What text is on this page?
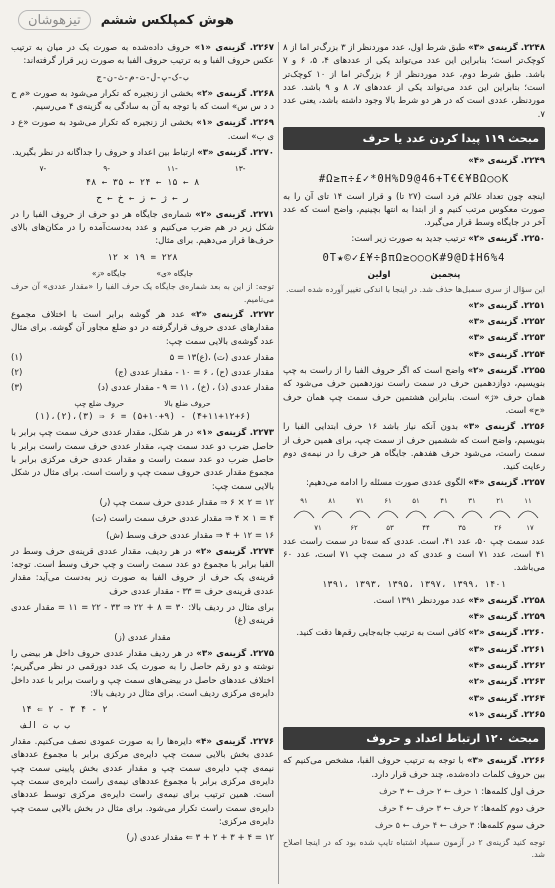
هوش کمپلکس ششم
تیزهوشان

۲۲۴۸. گزینه‌ی «۳» طبق شرط اول، عدد موردنظر از ۳ بزرگ‌تر اما از ۸ کوچک‌تر است؛ بنابراین این عدد می‌تواند یکی از عددهای ۴، ۵، ۶ و ۷ باشد. طبق شرط دوم، عدد موردنظر از ۶ بزرگ‌تر اما از ۱۰ کوچک‌تر است؛ بنابراین این عدد می‌تواند یکی از عددهای ۷، ۸ و ۹ باشد. عدد موردنظر، عددی است که در هر دو شرط بالا وجود داشته باشد، یعنی عدد ۷.

مبحث ۱۱۹ پیدا کردن عدد یا حرف

۲۲۴۹. گزینه‌ی «۴»

#Ω≥π÷£✓*0H%D9@46+T€€¥BΩ○○K

اینجه چون تعداد علائم فرد است (۲۷ تا) و قرار است ۱۴ تای آن را به صورت معکوس مرتب کنیم و از ابتدا به انتها بچینیم، واضح است که عدد آخر در جایگاه وسط قرار می‌گیرد.

۲۲۵۰. گزینه‌ی «۲» ترتیب جدید به صورت زیر است:

0T★©✓£¥÷βπΩ≥○○○K#9@D‡H6%4
پنجمین
اولین

این سؤال از سری سمبل‌ها حذف شد. در اینجا با اندکی تغییر آورده شده است.

۲۲۵۱. گزینه‌ی «۲»

۲۲۵۲. گزینه‌ی «۳»

۲۲۵۳. گزینه‌ی «۳»

۲۲۵۴. گزینه‌ی «۴»

۲۲۵۵. گزینه‌ی «۲» واضح است که اگر حروف الفبا را از راست به چپ بنویسیم، دوازدهمین حرف در سمت راست نوزدهمین حرف می‌شود که همان حرف «ژ» است. بنابراین هشتمین حرف سمت چپ همان حرف «ح» است.

۲۲۵۶. گزینه‌ی «۳» بدون آنکه نیاز باشد ۱۶ حرف ابتدایی الفبا را بنویسیم، واضح است که ششمین حرف از سمت چپ، برای همین حرف از سمت راست، می‌شود حرف هفدهم. جایگاه هر حرف را در نیمه‌ی دوم رعایت کنید.

۲۲۵۷. گزینه‌ی «۴» الگوی عددی صورت مسئله را ادامه می‌دهیم:

۹۱	۸۱	۷۱	۶۱	۵۱	۴۱	۳۱	۲۱	۱۱
۷۱	۶۲	۵۳	۴۴	۳۵	۲۶	۱۷

عدد سمت چپ ۵۰، عدد ۴۱، است. عددی که سه‌تا در سمت راست عدد ۴۱ است، عدد ۷۱ است و عددی که در سمت چپ ۷۱ است، عدد ۶۰ می‌باشد.

۱۳۹۱، ۱۳۹۳، ۱۳۹۵، ۱۳۹۷، ۱۳۹۹، ۱۴۰۱

۲۲۵۸. گزینه‌ی «۴» عدد موردنظر ۱۳۹۱ است.

۲۲۵۹. گزینه‌ی «۴»

۲۲۶۰. گزینه‌ی «۲» کافی است به ترتیب جابه‌جایی رقم‌ها دقت کنید.

۲۲۶۱. گزینه‌ی «۳»

۲۲۶۲. گزینه‌ی «۴»

۲۲۶۳. گزینه‌ی «۲»

۲۲۶۴. گزینه‌ی «۳»

۲۲۶۵. گزینه‌ی «۱»

مبحث ۱۲۰ ارتباط اعداد و حروف

۲۲۶۶. گزینه‌ی «۳» با توجه به ترتیب حروف الفبا، مشخص می‌کنیم که بین حروف کلمات داده‌شده، چند حرف قرار دارد.

حرف اول کلمه‌ها: ۱ حرف ← ۲ حرف ← ۳ حرف

حرف دوم کلمه‌ها: ۲ حرف ← ۳ حرف ← ۴ حرف

حرف سوم کلمه‌ها: ۳ حرف ← ۴ حرف ← ۵ حرف

توجه کنید گزینه‌ی ۲ در آزمون سمپاد اشتباه تایپ شده بود که در اینجا اصلاح شد.

۲۲۶۷. گزینه‌ی «۱» حروف داده‌شده به صورت یک در میان به ترتیب عکس حروف الفبا و به ترتیب حروف الفبا به صورت زیر قرار گرفته‌اند:

ب-ک-پ-ل-ت-م-ث-ن-ج

۲۲۶۸. گزینه‌ی «۲» بخشی از زنجیره که تکرار می‌شود به صورت «م ح د د س س» است که با توجه به آن به سادگی به گزینه‌ی ۴ می‌رسیم.

۲۲۶۹. گزینه‌ی «۱» بخشی از زنجیره که تکرار می‌شود به صورت «ع د ی ب» است.

۲۲۷۰. گزینه‌ی «۳» ارتباط بین اعداد و حروف را جداگانه در نظر بگیرید.

-۱۳
-۱۱
-۹
-۷
۴۸ ← ۳۵ ← ۲۴ ← ۱۵ ← ۸
ر ← ژ ← ز ← خ ← ح

۲۲۷۱. گزینه‌ی «۲» شماره‌ی جایگاه هر دو حرف از حروف الفبا را در شکل زیر در هم ضرب می‌کنیم و عدد به‌دست‌آمده را در مکان‌های بالای حرف‌ها قرار می‌دهیم. برای مثال:

۱۲ × ۱۹ = ۲۲۸
جایگاه «ی»
جایگاه «ز»

توجه: از این به بعد شماره‌ی جایگاه یک حرف الفبا را «مقدار عددی» آن حرف می‌نامیم.

۲۲۷۲. گزینه‌ی «۲» عدد هر گوشه برابر است با اختلاف مجموع مقدارهای عددی حروف قرارگرفته در دو ضلع مجاور آن گوشه. برای مثال عدد گوشه‌ی بالایی سمت چپ:

مقدار عددی (ت) ،(ع)۱۳ = ۵
(۱)
مقدار عددی (ح) ، ۶ = ۱۰ - مقدار عددی (ج)
(۲)
مقدار عددی (ذ) ، (خ) ، ۱۱ = ۹ - مقدار عددی (د)
(۳)
حروف ضلع بالا
حروف ضلع چپ
(۱)،(۲)،(۳) ⇒ ۶ = (۵+۱۰+۹) - (۴+۱۱+۱۲+۶)

۲۲۷۳. گزینه‌ی «۱» در هر شکل، مقدار عددی حرف سمت چپ برابر با حاصل ضرب دو عدد سمت چپ، مقدار عددی حرف سمت راست برابر با حاصل ضرب دو عدد سمت راست و مقدار عددی حرف مرکزی برابر با مجموع مقدار عددی حروف سمت چپ و راست است. برای مثال در شکل بالایی سمت چپ:

۱۲ = ۲ × ۶ ⇒ مقدار عددی حرف سمت چپ (ر)

۴ = ۱ × ۴ ⇒ مقدار عددی حرف سمت راست (ت)

۱۶ = ۱۲ + ۴ ⇒ مقدار عددی حرف وسط (ش)

۲۲۷۴. گزینه‌ی «۲» در هر ردیف، مقدار عددی قرینه‌ی حرف وسط در الفبا برابر با مجموع دو عدد سمت راست و چپ حرف وسط است. توجه: قرینه‌ی یک حرف از حروف الفبا به صورت زیر به‌دست می‌آید: مقدار عددی قرینه‌ی حرف = ۳۳ - مقدار عددی حرف

برای مثال در ردیف بالا: ۳۰ = ۸ + ۲۲ ⇒ ۳۳ - ۲۲ = ۱۱ = مقدار عددی قرینه‌ی (غ)

مقدار عددی (ز)

۲۲۷۵. گزینه‌ی «۳» در هر ردیف مقدار عددی حروف داخل هر بیضی را نوشته و دو رقم حاصل را به صورت یک عدد دورقمی در نظر می‌گیریم؛ اختلاف عددهای حاصل در بیضی‌های سمت چپ و راست برابر با عدد داخل دایره‌ی مرکزی ردیف است. برای مثال در ردیف بالا:

۱۴ ⇐ ۲ - ۳ ۴ - ۲
ب ب ت الف

۲۲۷۶. گزینه‌ی «۴» دایره‌ها را به صورت عمودی نصف می‌کنیم. مقدار عددی بخش بالایی سمت چپ دایره‌ی مرکزی برابر با مجموع عددهای نیمه‌ی چپ دایره‌ی سمت چپ و مقدار عددی بخش پایینی سمت چپ دایره‌ی مرکزی برابر با مجموع عددهای نیمه‌ی راست دایره‌ی سمت چپ است. همین ترتیب برای نیمه‌ی راست دایره‌ی مرکزی توسط عددهای دایره‌ی سمت راست تکرار می‌شود. برای مثال در بخش بالایی سمت چپ دایره‌ی مرکزی:

۱۲ = ۴ + ۳ + ۲ + ۳ ⇐ مقدار عددی (ر)
